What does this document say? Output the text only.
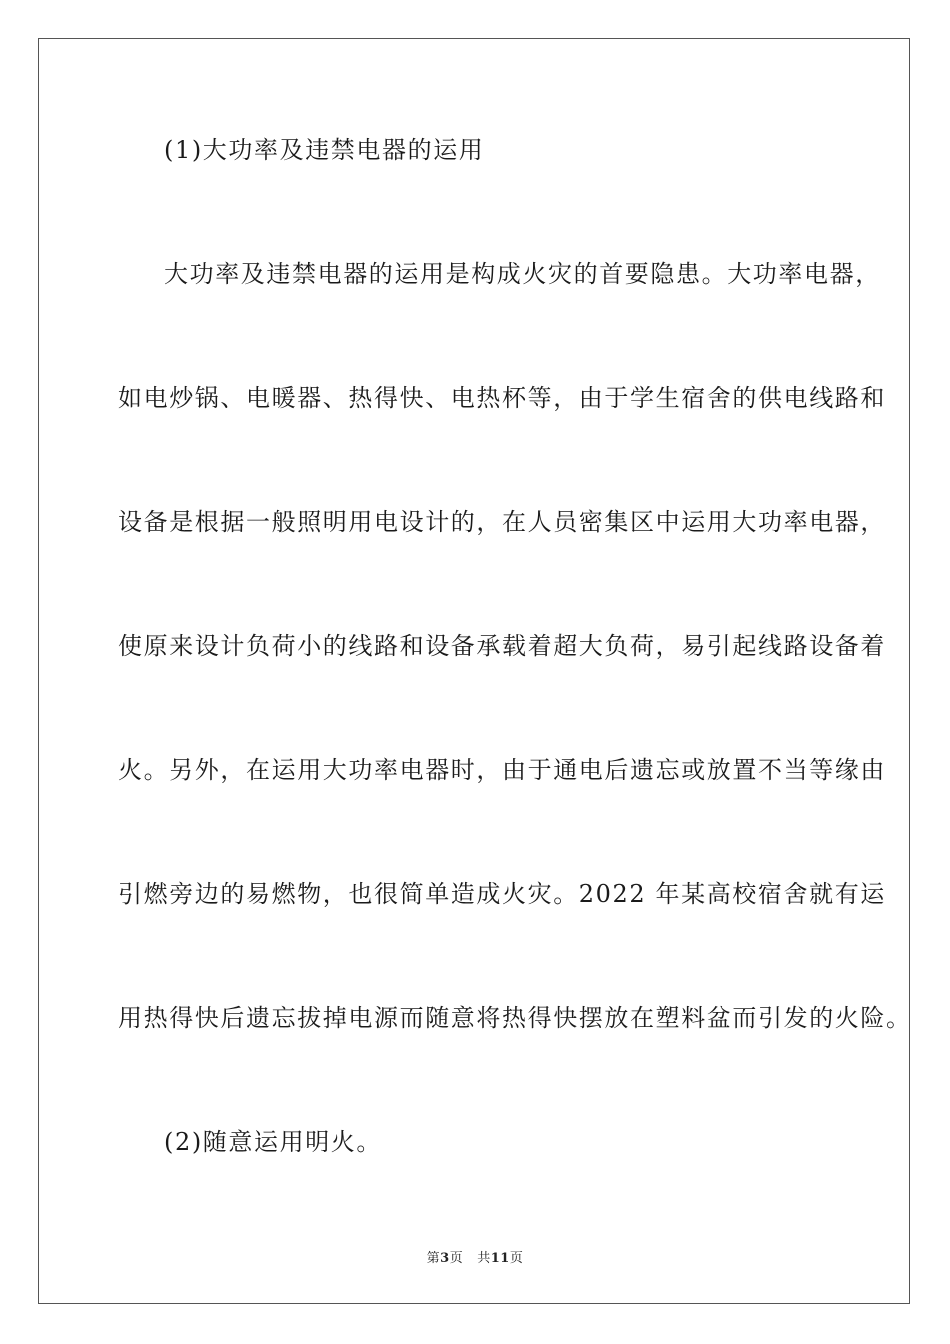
(1)大功率及违禁电器的运用
大功率及违禁电器的运用是构成火灾的首要隐患。大功率电器，
如电炒锅、电暖器、热得快、电热杯等，由于学生宿舍的供电线路和
设备是根据一般照明用电设计的，在人员密集区中运用大功率电器，
使原来设计负荷小的线路和设备承载着超大负荷，易引起线路设备着
火。另外，在运用大功率电器时，由于通电后遗忘或放置不当等缘由
引燃旁边的易燃物，也很简单造成火灾。2022 年某高校宿舍就有运
用热得快后遗忘拔掉电源而随意将热得快摆放在塑料盆而引发的火险。
(2)随意运用明火。
第3页 共11页
